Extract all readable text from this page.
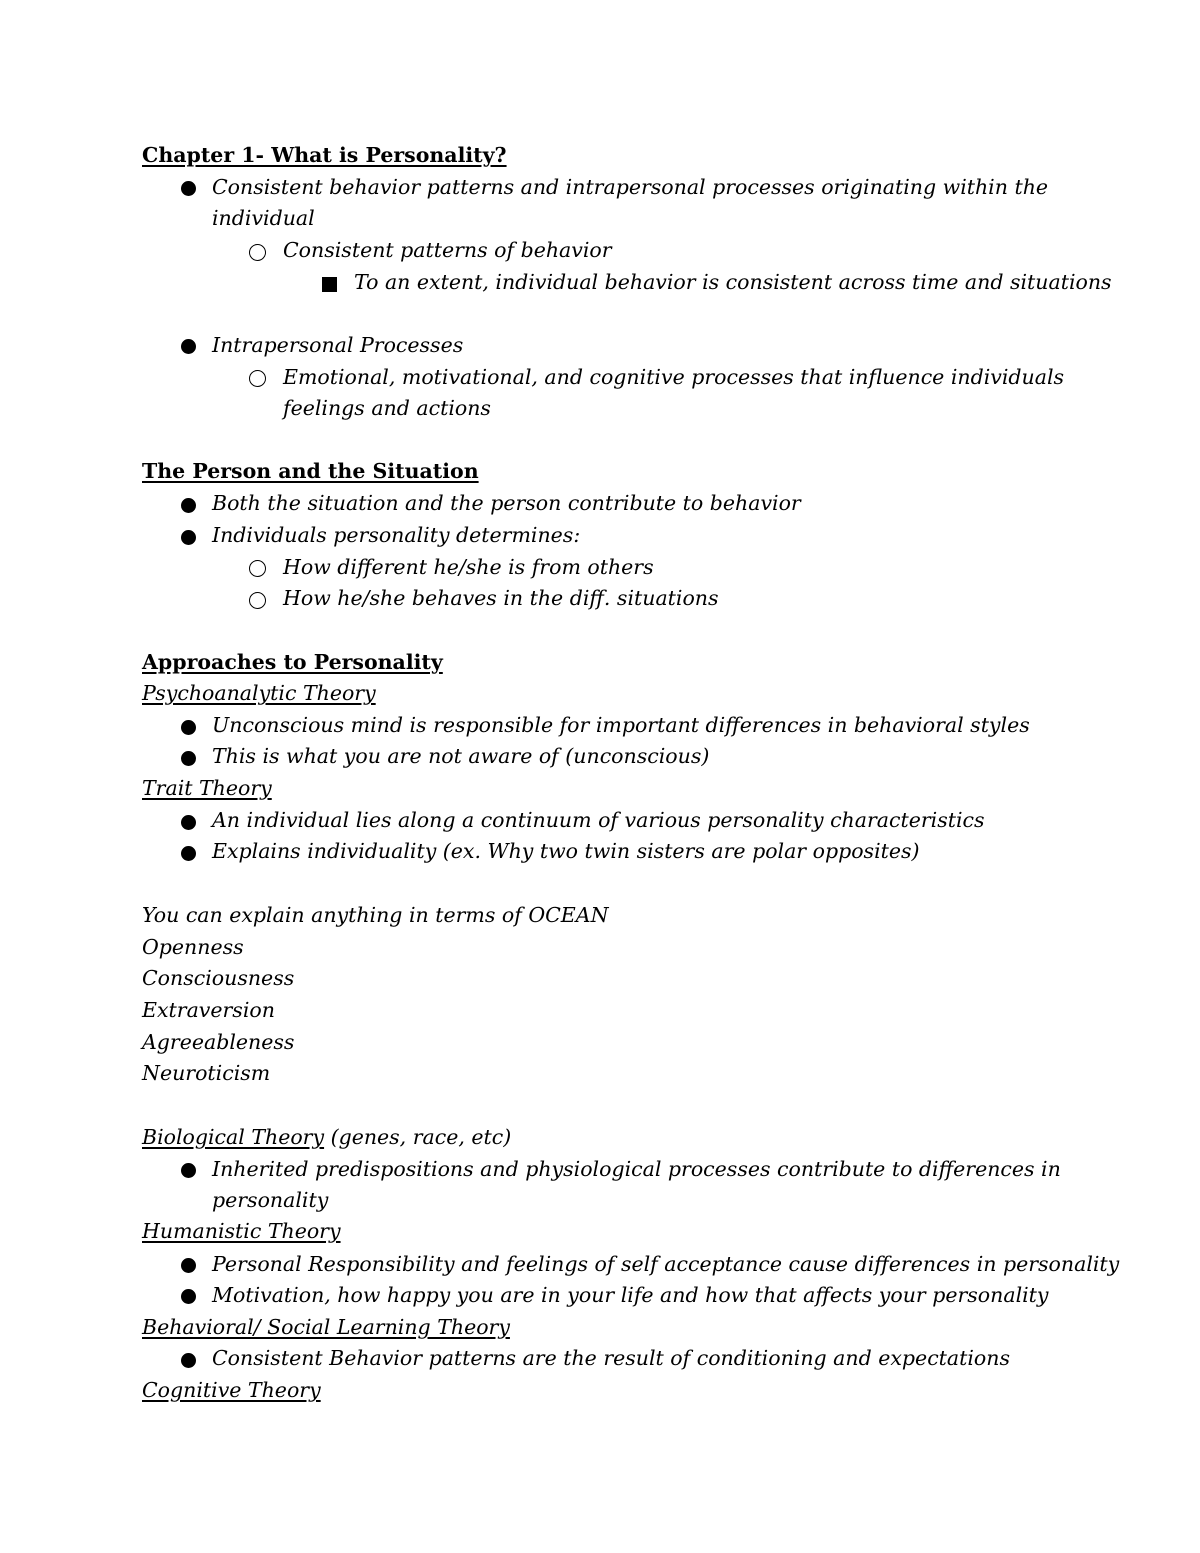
Chapter 1- What is Personality?
Consistent behavior patterns and intrapersonal processes originating within the
individual
Consistent patterns of behavior
To an extent, individual behavior is consistent across time and situations
Intrapersonal Processes
Emotional, motivational, and cognitive processes that influence individuals
feelings and actions
The Person and the Situation
Both the situation and the person contribute to behavior
Individuals personality determines:
How different he/she is from others
How he/she behaves in the diff. situations
Approaches to Personality
Psychoanalytic Theory
Unconscious mind is responsible for important differences in behavioral styles
This is what you are not aware of (unconscious)
Trait Theory
An individual lies along a continuum of various personality characteristics
Explains individuality (ex. Why two twin sisters are polar opposites)
You can explain anything in terms of OCEAN
Openness
Consciousness
Extraversion
Agreeableness
Neuroticism
Biological Theory (genes, race, etc)
Inherited predispositions and physiological processes contribute to differences in
personality
Humanistic Theory
Personal Responsibility and feelings of self acceptance cause differences in personality
Motivation, how happy you are in your life and how that affects your personality
Behavioral/ Social Learning Theory
Consistent Behavior patterns are the result of conditioning and expectations
Cognitive Theory
